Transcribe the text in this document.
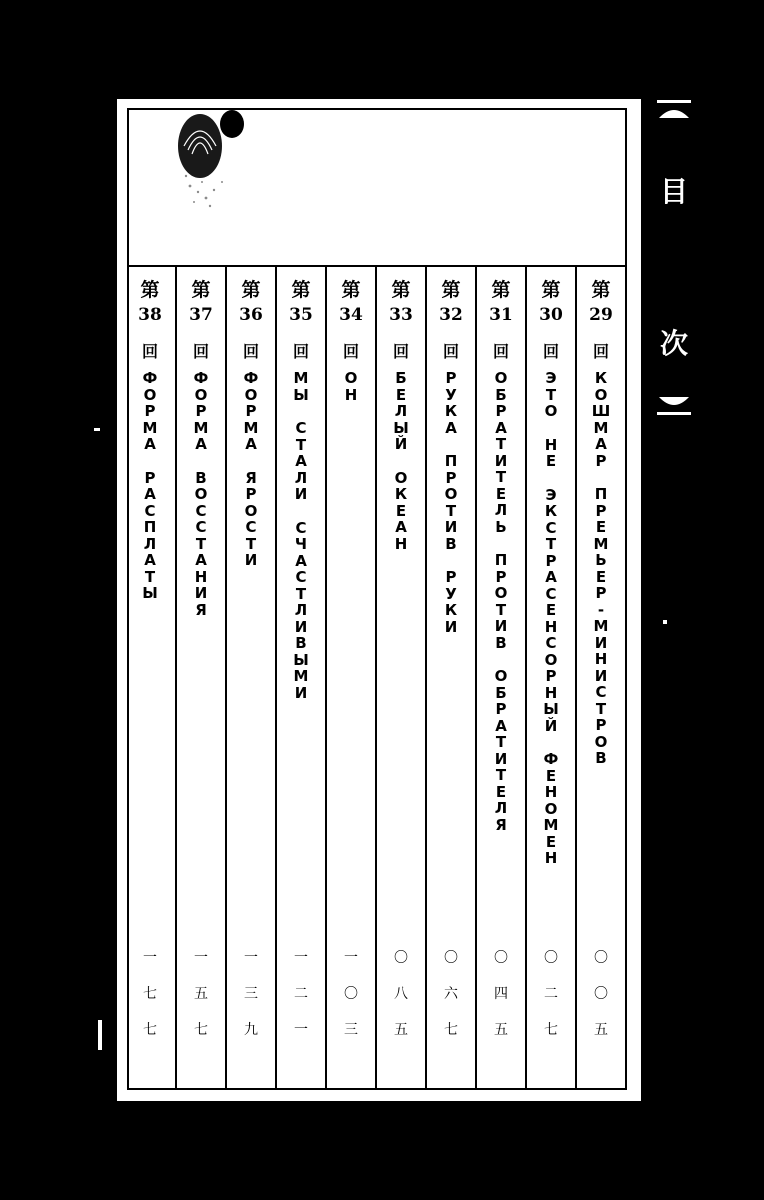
第
29
回
К
О
Ш
М
А
Р
П
Р
Е
М
Ь
Е
Р
-
М
И
Н
И
С
Т
Р
О
В
〇
〇
五
第
30
回
Э
Т
О
Н
Е
Э
К
С
Т
Р
А
С
Е
Н
С
О
Р
Н
Ы
Й
Ф
Е
Н
О
М
Е
Н
〇
二
七
第
31
回
О
Б
Р
А
Т
И
Т
Е
Л
Ь
П
Р
О
Т
И
В
О
Б
Р
А
Т
И
Т
Е
Л
Я
〇
四
五
第
32
回
Р
У
К
А
П
Р
О
Т
И
В
Р
У
К
И
〇
六
七
第
33
回
Б
Е
Л
Ы
Й
О
К
Е
А
Н
〇
八
五
第
34
回
О
Н
一
〇
三
第
35
回
М
Ы
С
Т
А
Л
И
С
Ч
А
С
Т
Л
И
В
Ы
М
И
一
二
一
第
36
回
Ф
О
Р
М
А
Я
Р
О
С
Т
И
一
三
九
第
37
回
Ф
О
Р
М
А
В
О
С
С
Т
А
Н
И
Я
一
五
七
第
38
回
Ф
О
Р
М
А
Р
А
С
П
Л
А
Т
Ы
一
七
七
目
次
